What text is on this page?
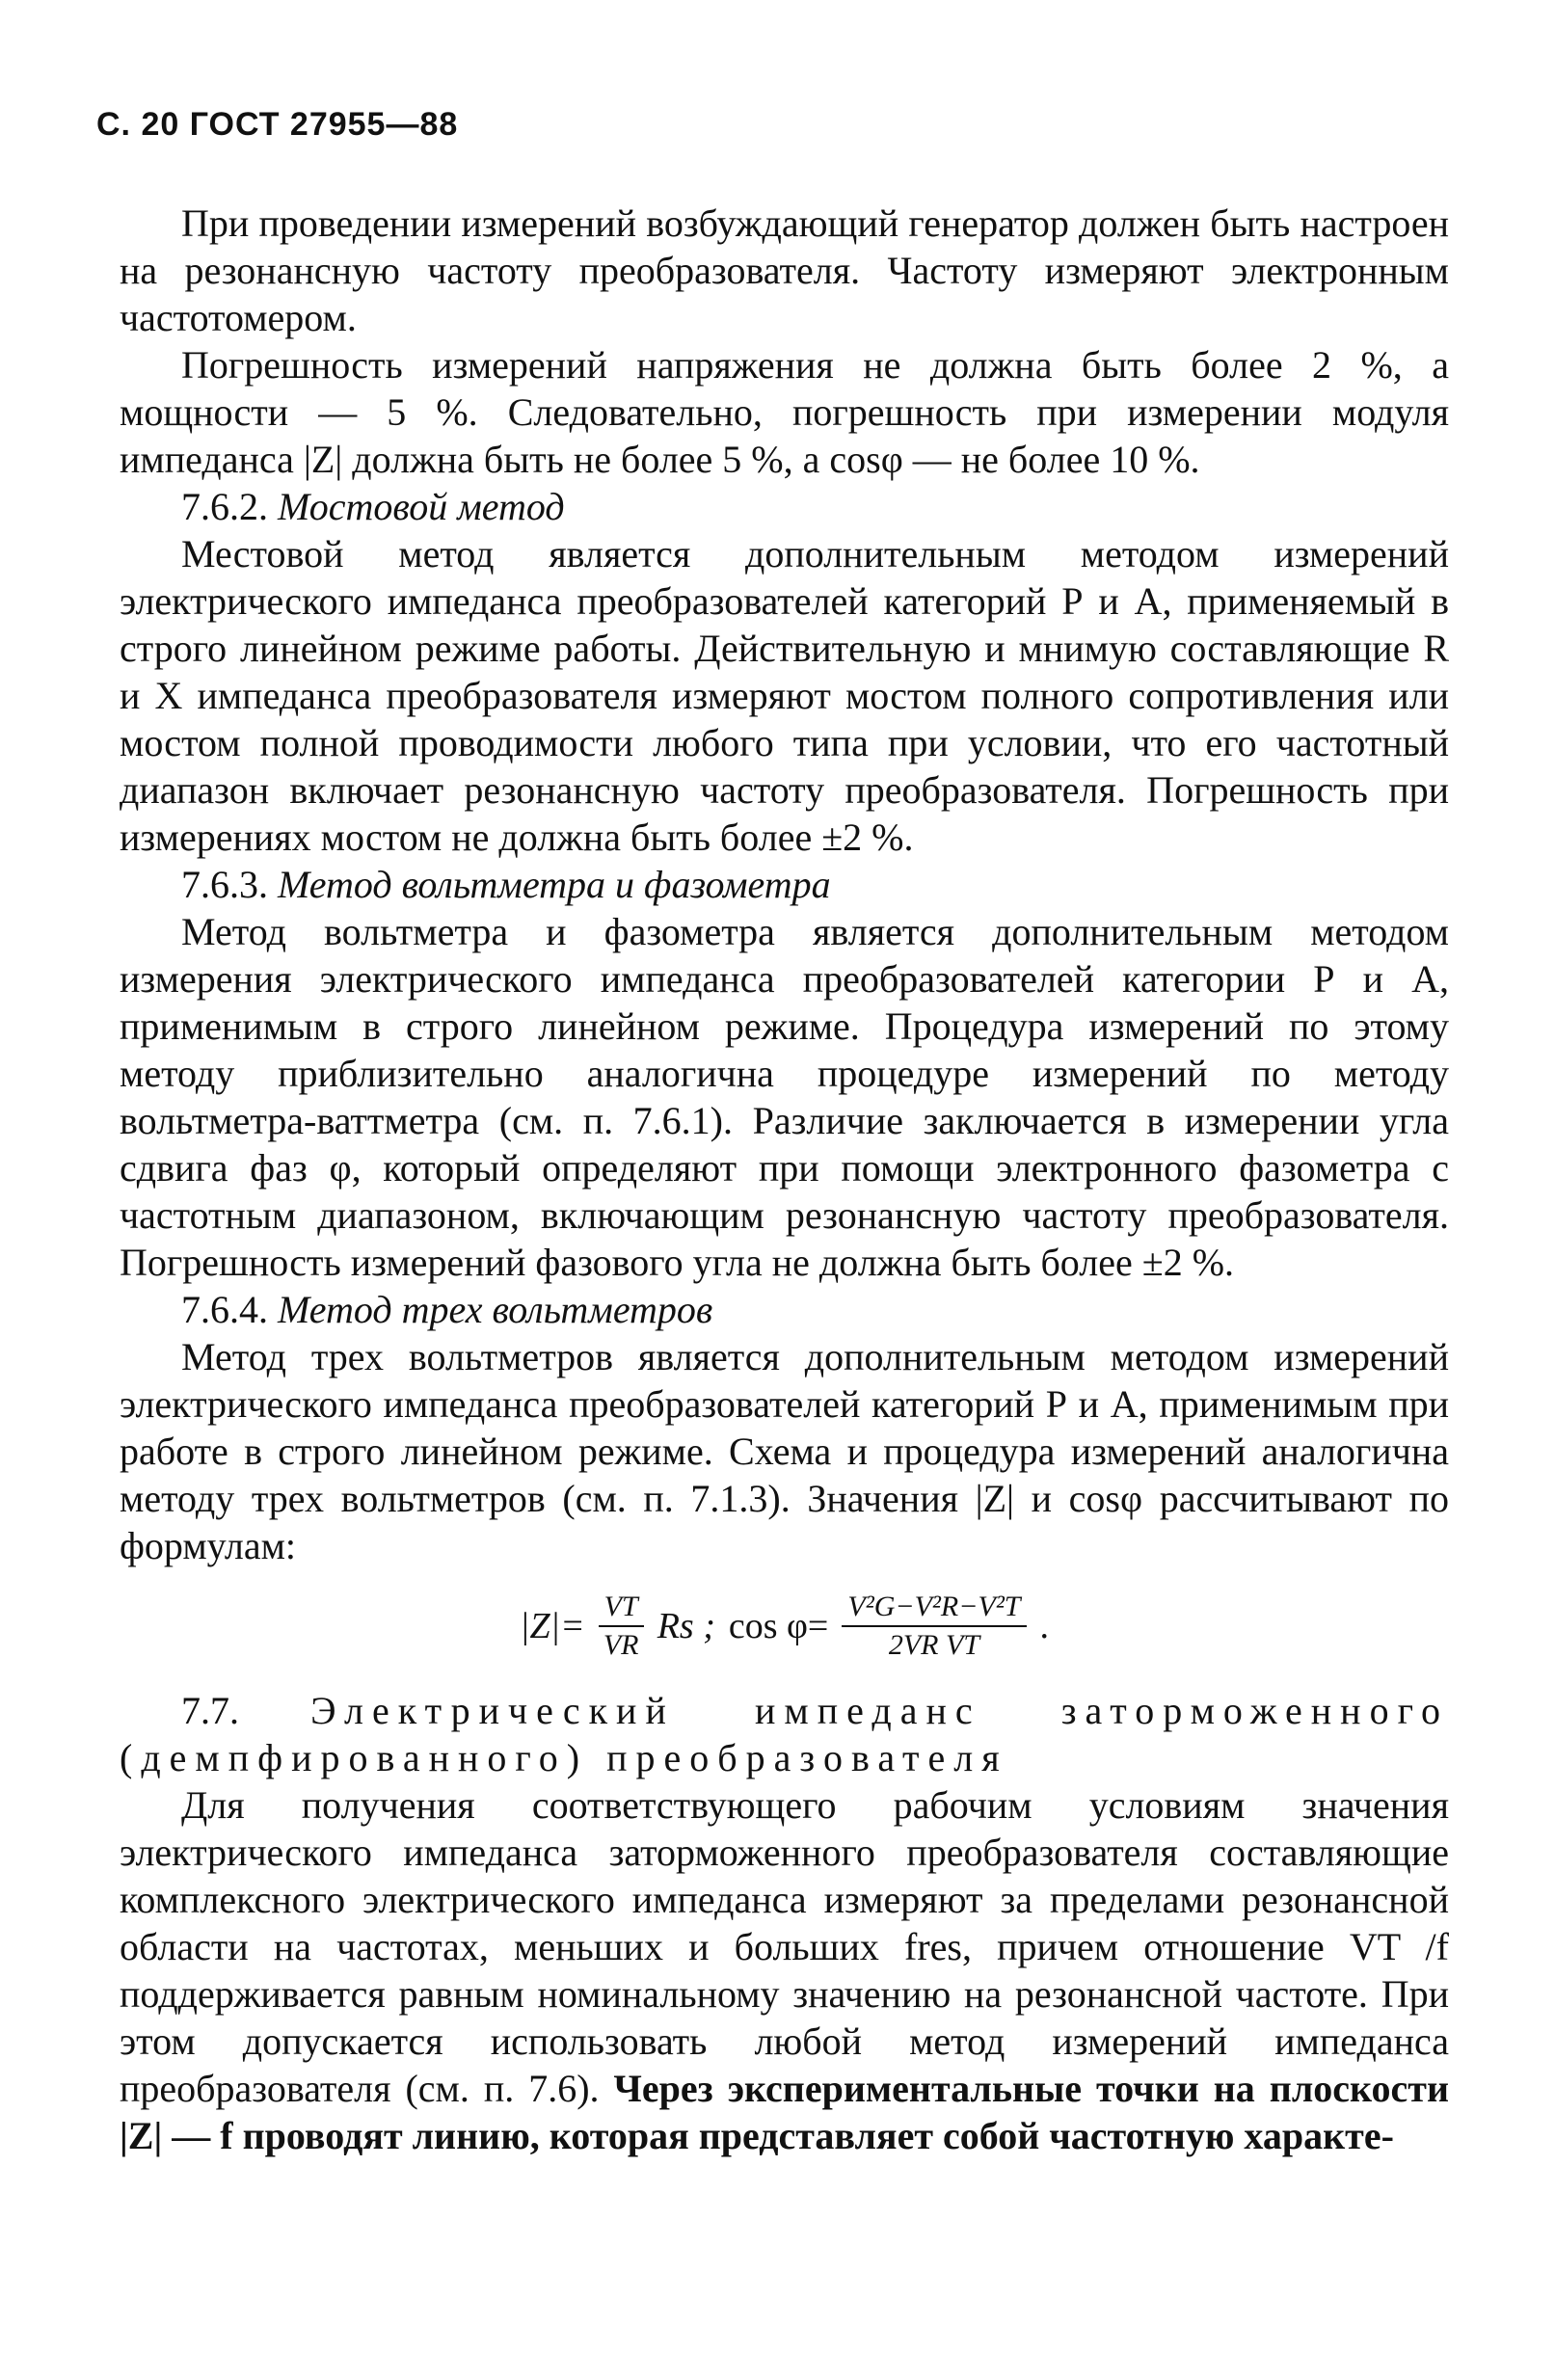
С. 20 ГОСТ 27955—88

При проведении измерений возбуждающий генератор должен быть настроен на резонансную частоту преобразователя. Частоту измеряют электронным частотомером.

Погрешность измерений напряжения не должна быть более 2 %, а мощности — 5 %. Следовательно, погрешность при измерении модуля импеданса |Z| должна быть не более 5 %, а cosφ — не более 10 %.

7.6.2. Мостовой метод

Местовой метод является дополнительным методом измерений электрического импеданса преобразователей категорий Р и А, применяемый в строго линейном режиме работы. Действительную и мнимую составляющие R и X импеданса преобразователя измеряют мостом полного сопротивления или мостом полной проводимости любого типа при условии, что его частотный диапазон включает резонансную частоту преобразователя. Погрешность при измерениях мостом не должна быть более ±2 %.

7.6.3. Метод вольтметра и фазометра

Метод вольтметра и фазометра является дополнительным методом измерения электрического импеданса преобразователей категории Р и А, применимым в строго линейном режиме. Процедура измерений по этому методу приблизительно аналогична процедуре измерений по методу вольтметра-ваттметра (см. п. 7.6.1). Различие заключается в измерении угла сдвига фаз φ, который определяют при помощи электронного фазометра с частотным диапазоном, включающим резонансную частоту преобразователя. Погрешность измерений фазового угла не должна быть более ±2 %.

7.6.4. Метод трех вольтметров

Метод трех вольтметров является дополнительным методом измерений электрического импеданса преобразователей категорий Р и А, применимым при работе в строго линейном режиме. Схема и процедура измерений аналогична методу трех вольтметров (см. п. 7.1.3). Значения |Z| и cosφ рассчитывают по формулам:

$|Z|= \frac{VT}{VR}$ Rs ; $\cos \varphi= \frac{\text{V²G−V²R−V²T}}{\text{2VR VT}}$ .

7.7. Электрический импеданс заторможенного (демпфированного) преобразователя

Для получения соответствующего рабочим условиям значения электрического импеданса заторможенного преобразователя составляющие комплексного электрического импеданса измеряют за пределами резонансной области на частотах, меньших и больших fres, причем отношение VT /f поддерживается равным номинальному значению на резонансной частоте. При этом допускается использовать любой метод измерений импеданса преобразователя (см. п. 7.6). Через экспериментальные точки на плоскости |Z| — f проводят линию, которая представляет собой частотную характе-
